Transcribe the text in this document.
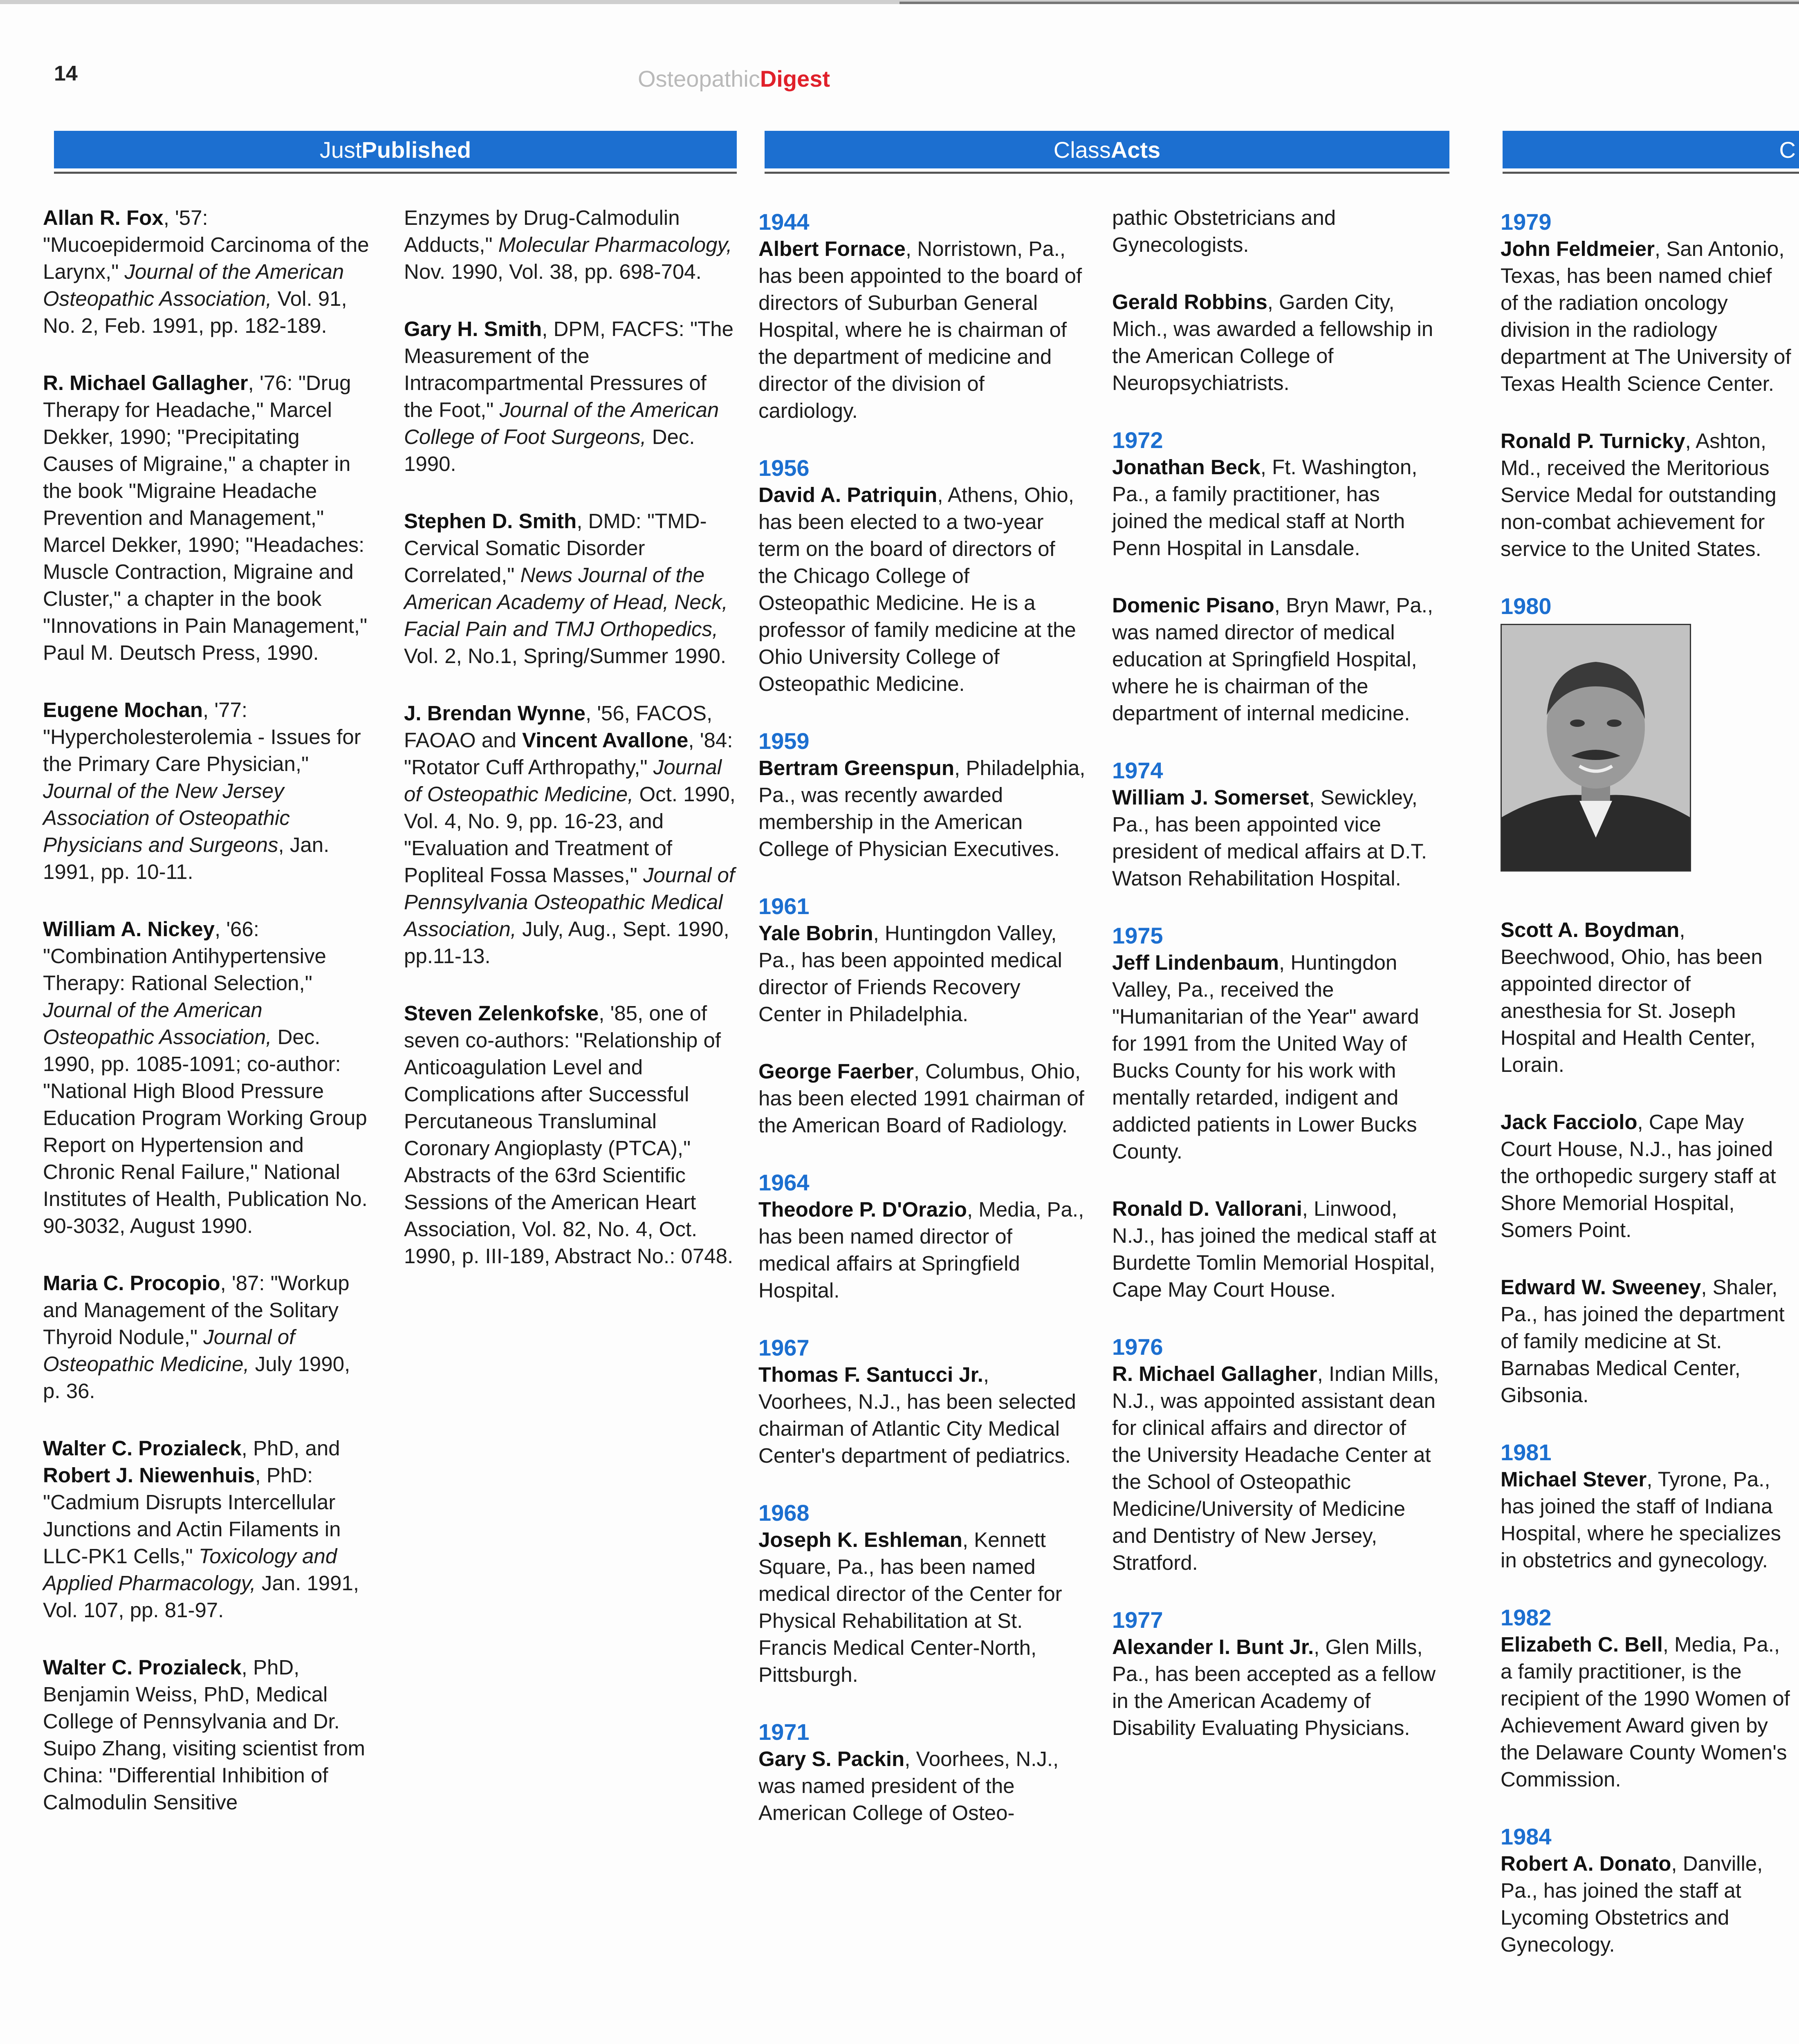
14	OsteopathicDigest
Just Published	Class Acts	C

Allan R. Fox, '57: "Mucoepidermoid Carcinoma of the Larynx," Journal of the American Osteopathic Association, Vol. 91, No. 2, Feb. 1991, pp. 182-189.

R. Michael Gallagher, '76: "Drug Therapy for Headache," Marcel Dekker, 1990; "Precipitating Causes of Migraine," a chapter in the book "Migraine Headache Prevention and Management," Marcel Dekker, 1990; "Headaches: Muscle Contraction, Migraine and Cluster," a chapter in the book "Innovations in Pain Management," Paul M. Deutsch Press, 1990.

Eugene Mochan, '77: "Hypercholesterolemia - Issues for the Primary Care Physician," Journal of the New Jersey Association of Osteopathic Physicians and Surgeons, Jan. 1991, pp. 10-11.

William A. Nickey, '66: "Combination Antihypertensive Therapy: Rational Selection," Journal of the American Osteopathic Association, Dec. 1990, pp. 1085-1091; co-author: "National High Blood Pressure Education Program Working Group Report on Hypertension and Chronic Renal Failure," National Institutes of Health, Publication No. 90-3032, August 1990.

Maria C. Procopio, '87: "Workup and Management of the Solitary Thyroid Nodule," Journal of Osteopathic Medicine, July 1990, p. 36.

Walter C. Prozialeck, PhD, and Robert J. Niewenhuis, PhD: "Cadmium Disrupts Intercellular Junctions and Actin Filaments in LLC-PK1 Cells," Toxicology and Applied Pharmacology, Jan. 1991, Vol. 107, pp. 81-97.

Walter C. Prozialeck, PhD, Benjamin Weiss, PhD, Medical College of Pennsylvania and Dr. Suipo Zhang, visiting scientist from China: "Differential Inhibition of Calmodulin Sensitive

Enzymes by Drug-Calmodulin Adducts," Molecular Pharmacology, Nov. 1990, Vol. 38, pp. 698-704.

Gary H. Smith, DPM, FACFS: "The Measurement of the Intracompartmental Pressures of the Foot," Journal of the American College of Foot Surgeons, Dec. 1990.

Stephen D. Smith, DMD: "TMD-Cervical Somatic Disorder Correlated," News Journal of the American Academy of Head, Neck, Facial Pain and TMJ Orthopedics, Vol. 2, No.1, Spring/Summer 1990.

J. Brendan Wynne, '56, FACOS, FAOAO and Vincent Avallone, '84: "Rotator Cuff Arthropathy," Journal of Osteopathic Medicine, Oct. 1990, Vol. 4, No. 9, pp. 16-23, and "Evaluation and Treatment of Popliteal Fossa Masses," Journal of Pennsylvania Osteopathic Medical Association, July, Aug., Sept. 1990, pp.11-13.

Steven Zelenkofske, '85, one of seven co-authors: "Relationship of Anticoagulation Level and Complications after Successful Percutaneous Transluminal Coronary Angioplasty (PTCA)," Abstracts of the 63rd Scientific Sessions of the American Heart Association, Vol. 82, No. 4, Oct. 1990, p. III-189, Abstract No.: 0748.

1944

Albert Fornace, Norristown, Pa., has been appointed to the board of directors of Suburban General Hospital, where he is chairman of the department of medicine and director of the division of cardiology.

1956

David A. Patriquin, Athens, Ohio, has been elected to a two-year term on the board of directors of the Chicago College of Osteopathic Medicine. He is a professor of family medicine at the Ohio University College of Osteopathic Medicine.

1959

Bertram Greenspun, Philadelphia, Pa., was recently awarded membership in the American College of Physician Executives.

1961

Yale Bobrin, Huntingdon Valley, Pa., has been appointed medical director of Friends Recovery Center in Philadelphia.

George Faerber, Columbus, Ohio, has been elected 1991 chairman of the American Board of Radiology.

1964

Theodore P. D'Orazio, Media, Pa., has been named director of medical affairs at Springfield Hospital.

1967

Thomas F. Santucci Jr., Voorhees, N.J., has been selected chairman of Atlantic City Medical Center's department of pediatrics.

1968

Joseph K. Eshleman, Kennett Square, Pa., has been named medical director of the Center for Physical Rehabilitation at St. Francis Medical Center-North, Pittsburgh.

1971

Gary S. Packin, Voorhees, N.J., was named president of the American College of Osteo-

pathic Obstetricians and Gynecologists.

Gerald Robbins, Garden City, Mich., was awarded a fellowship in the American College of Neuropsychiatrists.

1972

Jonathan Beck, Ft. Washington, Pa., a family practitioner, has joined the medical staff at North Penn Hospital in Lansdale.

Domenic Pisano, Bryn Mawr, Pa., was named director of medical education at Springfield Hospital, where he is chairman of the department of internal medicine.

1974

William J. Somerset, Sewickley, Pa., has been appointed vice president of medical affairs at D.T. Watson Rehabilitation Hospital.

1975

Jeff Lindenbaum, Huntingdon Valley, Pa., received the "Humanitarian of the Year" award for 1991 from the United Way of Bucks County for his work with mentally retarded, indigent and addicted patients in Lower Bucks County.

Ronald D. Vallorani, Linwood, N.J., has joined the medical staff at Burdette Tomlin Memorial Hospital, Cape May Court House.

1976

R. Michael Gallagher, Indian Mills, N.J., was appointed assistant dean for clinical affairs and director of the University Headache Center at the School of Osteopathic Medicine/University of Medicine and Dentistry of New Jersey, Stratford.

1977

Alexander I. Bunt Jr., Glen Mills, Pa., has been accepted as a fellow in the American Academy of Disability Evaluating Physicians.

1979

John Feldmeier, San Antonio, Texas, has been named chief of the radiation oncology division in the radiology department at The University of Texas Health Science Center.

Ronald P. Turnicky, Ashton, Md., received the Meritorious Service Medal for outstanding non-combat achievement for service to the United States.

1980

Scott A. Boydman, Beechwood, Ohio, has been appointed director of anesthesia for St. Joseph Hospital and Health Center, Lorain.

Jack Facciolo, Cape May Court House, N.J., has joined the orthopedic surgery staff at Shore Memorial Hospital, Somers Point.

Edward W. Sweeney, Shaler, Pa., has joined the department of family medicine at St. Barnabas Medical Center, Gibsonia.

1981

Michael Stever, Tyrone, Pa., has joined the staff of Indiana Hospital, where he specializes in obstetrics and gynecology.

1982

Elizabeth C. Bell, Media, Pa., a family practitioner, is the recipient of the 1990 Women of Achievement Award given by the Delaware County Women's Commission.

1984

Robert A. Donato, Danville, Pa., has joined the staff at Lycoming Obstetrics and Gynecology.
